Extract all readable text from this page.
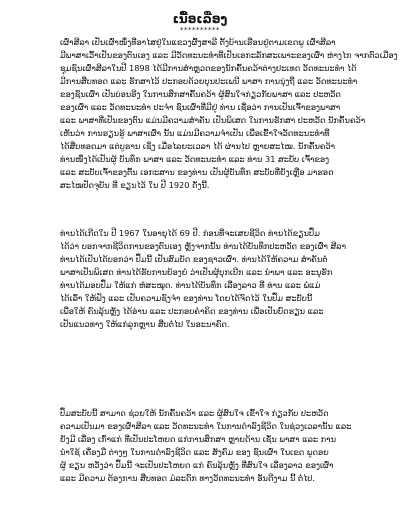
ເນື້ອເລື່ອງ
**********
ເຜົ່າສີລາ ເປັນເຜົ່າໜຶ່ງທີ່ອາໄສຢູ່ໃນແຂວງຜົ້ງສາລີ ຕັ້ງບ້ານເຮືອນຢູ່ຕາມເຂດພູ ເຜົ່າສີລາ
ມີພາສາເວົ້າເປັນຂອງຕົນເອງ ແລະ ມີວັດທະນະທຳທີ່ເປັນເອກະລັກສະເພາະຂອງເຜົ່າ ຫ່າງໄກ ຈາກຕົວເມືອງ
ຊຸມຊົນເຜົ່າສີລາໃນປີ 1898 ໄດ້ມີການສຳຫຼວດຂອງນັກຄົ້ນຄວ້າຕ່າງປະເທດ ວັດທະນະທຳ ໄດ້
ມີການສືບທອດ ແລະ ຮັກສາໄວ້ ປະກອບດ້ວຍບຸນປະເພນີ ພາສາ ການນຸ່ງຖື ແລະ ວັດທະນະທຳ
ຂອງຊົນເຜົ່າ ເປັນບ່ອນອີງ ໃນການສຶກສາຄົ້ນຄວ້າ ຜູ້ສົນໃຈກ່ຽວກັບພາສາ ແລະ ປະຫວັດ
ຂອງເຜົ່າ ແລະ ວັດທະນະທຳ ປະຈຳ ຊົນເຜົ່າທີ່ມີຢູ່ ທ່ານ ເຊື່ອວ່າ ການເປັນເຈົ້າຂອງພາສາ
ແລະ ພາສາທີ່ເປັນຂອງຕົນ ແມ່ນມີຄວາມສຳຄັນ ເປັນພິເສດ ໃນການຮັກສາ ປະຫວັດ ນັກຄົ້ນຄວ້າ
ເຫັນວ່າ ການຮຽນຮູ້ ພາສາເຜົ່າ ນັ້ນ ແມ່ນມີຄວາມຈຳເປັນ ເພື່ອເຂົ້າໃຈວັດທະນະທຳທີ່
ໄດ້ສືບທອດມາ ແຕ່ບູຮານ ເຊິ່ງ ເມື່ອໄລຍະເວລາ ໄດ້ ຜ່ານໄປ ຫຼາຍສະໄໝ. ນັກຄົ້ນຄວ້າ
ທ່ານໜຶ່ງໄດ້ເປັນຜູ້ ບັນທຶກ ພາສາ ແລະ ວັດທະນະທຳ ແລະ ທ່ານ 31 ສະບັບ ເຈົ້າຂອງ
ແລະ ສະບັບເຈົ້າຂອງຕົ້ນ ເອກະສານ ຂອງທ່ານ ເປັນຜູ້ບັນທຶກ ສະບັບທີ່ຍັງເຫຼືອ ມາຮອດ
ສະໄໝປັດຈຸບັນ ທີ່ ຂຽນໄວ້ ໃນ ປີ 1920 ດັ່ງນີ້.
ທ່ານໄດ້ເກີດໃນ ປີ 1967 ໃນອາຍຸໄດ້ 69 ປີ. ກ່ອນທີ່ຈະເສຍຊີວິດ ທ່ານໄດ້ຂຽນປຶ້ມ
ໄດ້ວ່າ ບອກຈາກຊີວິດການຂອງຕົນເອງ ຫຼັງຈາກນັ້ນ ທ່ານໄດ້ບັນທຶກປະຫວັດ ຂອງເຜົ່າ ສີລາ
ທ່ານໄດ້ເປັນໄດ້ບອກວ່າ ປຶ້ມນີ້ ເປັນສົມບັດ ຂອງຊາວເຜົ່າ. ທ່ານໄດ້ໃຫ້ຄວາມ ສຳຄັນຕໍ່
ພາສາເປັນພິເສດ ທ່ານໄດ້ຮັບການຍ້ອງຍໍ ວ່າເປັນຜູ້ບຸກເບີກ ແລະ ນຳພາ ແລະ ອະນຸຮັກ
ທ່ານໄດ້ມອບປຶ້ມ ໃຫ້ແກ່ ຫໍສະໝຸດ. ທ່ານໄດ້ບັນທຶກ ເລື່ອງລາວ ທີ່ ທ່ານ ແລະ ພໍ່ແມ່
ໄດ້ເລົ່າ ໃຫ້ຟັງ ແລະ ເປັນຄວາມຊົງຈຳ ຂອງທ່ານ ໂດຍໄດ້ຈົດໄວ້ ໃນປຶ້ມ ສະບັບນີ້
ເພື່ອໃຫ້ ຄົນລຸ້ນຫຼັງ ໄດ້ອ່ານ ແລະ ປະກອບຄຳຄິດ ຂອງທ່ານ ເພື່ອເປັນບົດຮຽນ ແລະ
ເປັນແນວທາງ ໃຫ້ແກ່ລູກຫຼານ ສືບຕໍ່ໄປ ໃນອະນາຄົດ.
ປຶ້ມສະບັບນີ້ ສາມາດ ຊ່ວຍໃຫ້ ນັກຄົ້ນຄວ້າ ແລະ ຜູ້ສົນໃຈ ເຂົ້າໃຈ ກ່ຽວກັບ ປະຫວັດ
ຄວາມເປັນມາ ຂອງເຜົ່າສີລາ ແລະ ວັດທະນະທຳ ໃນການດຳລົງຊີວິດ ໃນຊ່ວງເວລານັ້ນ ແລະ
ຍັງມີ ເລື່ອງ ເກົ່າແກ່ ທີ່ເປັນປະໂຫຍດ ແກ່ການສຶກສາ ຫຼາຍດ້ານ ເຊັ່ນ ພາສາ ແລະ ການ
ນຳໃຊ້ ເຄື່ອງມື ຕ່າງໆ ໃນການດຳລົງຊີວິດ ແລະ ສັງຄົມ ຂອງ ຊົນເຜົ່າ ໃນເຂດ ພູດອຍ
ຜູ້ ຂຽນ ຫວັງວ່າ ປຶ້ມນີ້ ຈະເປັນປະໂຫຍດ ແກ່ ຄົນລຸ້ນຫຼັງ ທີ່ສົນໃຈ ເລື່ອງລາວ ຂອງເຜົ່າ
ແລະ ມີຄວາມ ຕ້ອງການ ສືບທອດ ມໍລະດົກ ທາງວັດທະນະທຳ ອັນດີງາມ ນີ້ ຕໍ່ໄປ.
